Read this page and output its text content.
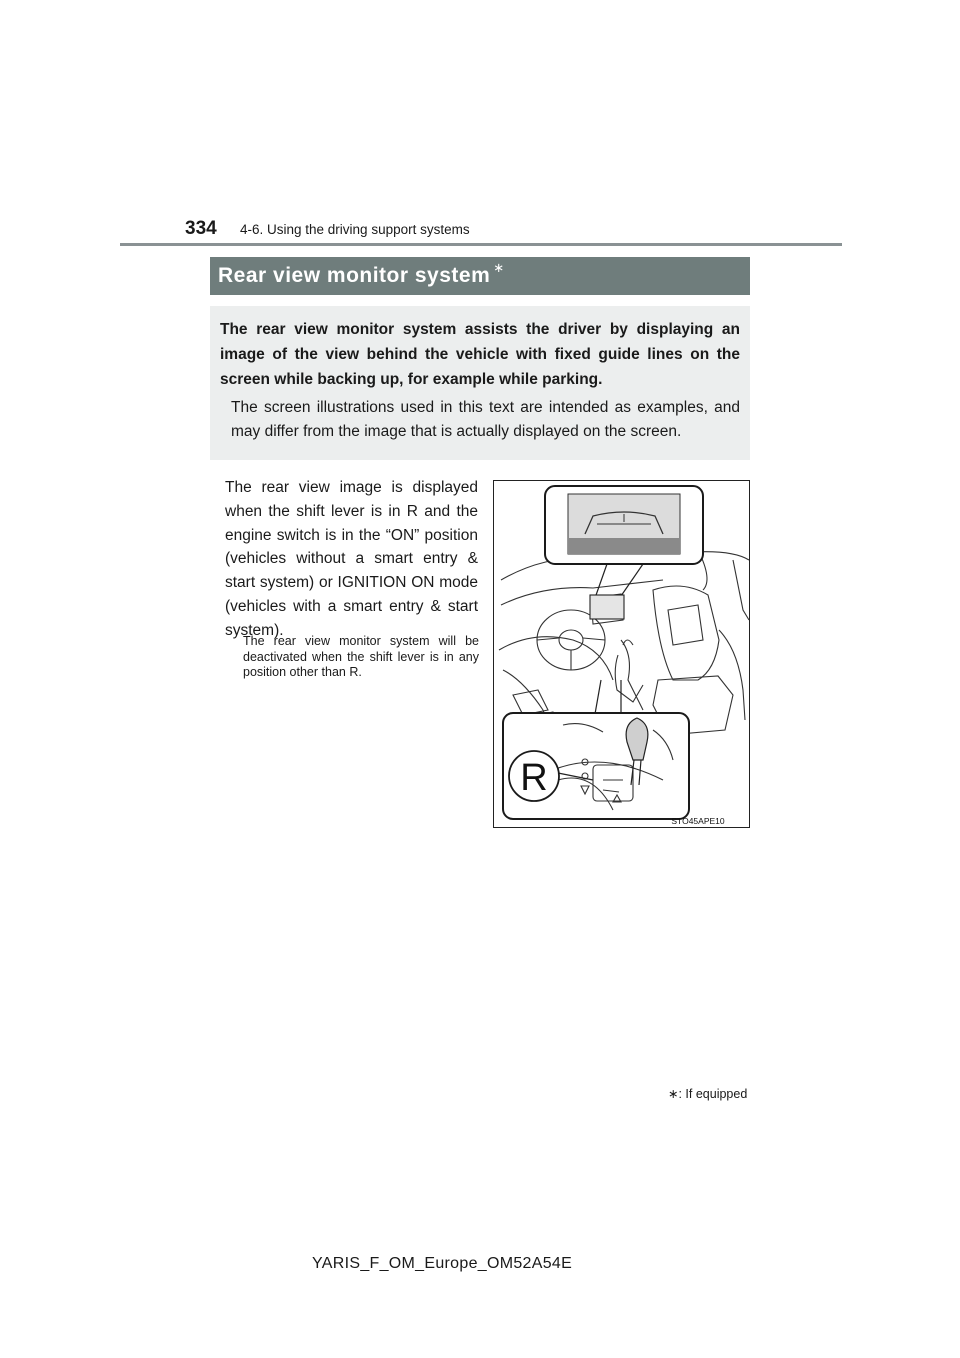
334 4-6. Using the driving support systems
Rear view monitor system ∗

The rear view monitor system assists the driver by displaying an image of the view behind the vehicle with fixed guide lines on the screen while backing up, for example while parking.

The screen illustrations used in this text are intended as examples, and may differ from the image that is actually displayed on the screen.

The rear view image is displayed when the shift lever is in R and the engine switch is in the “ON” position (vehicles without a smart entry & start system) or IGNITION ON mode (vehicles with a smart entry & start system).

The rear view monitor system will be deactivated when the shift lever is in any position other than R.

R
STO45APE10
∗: If equipped
YARIS_F_OM_Europe_OM52A54E
